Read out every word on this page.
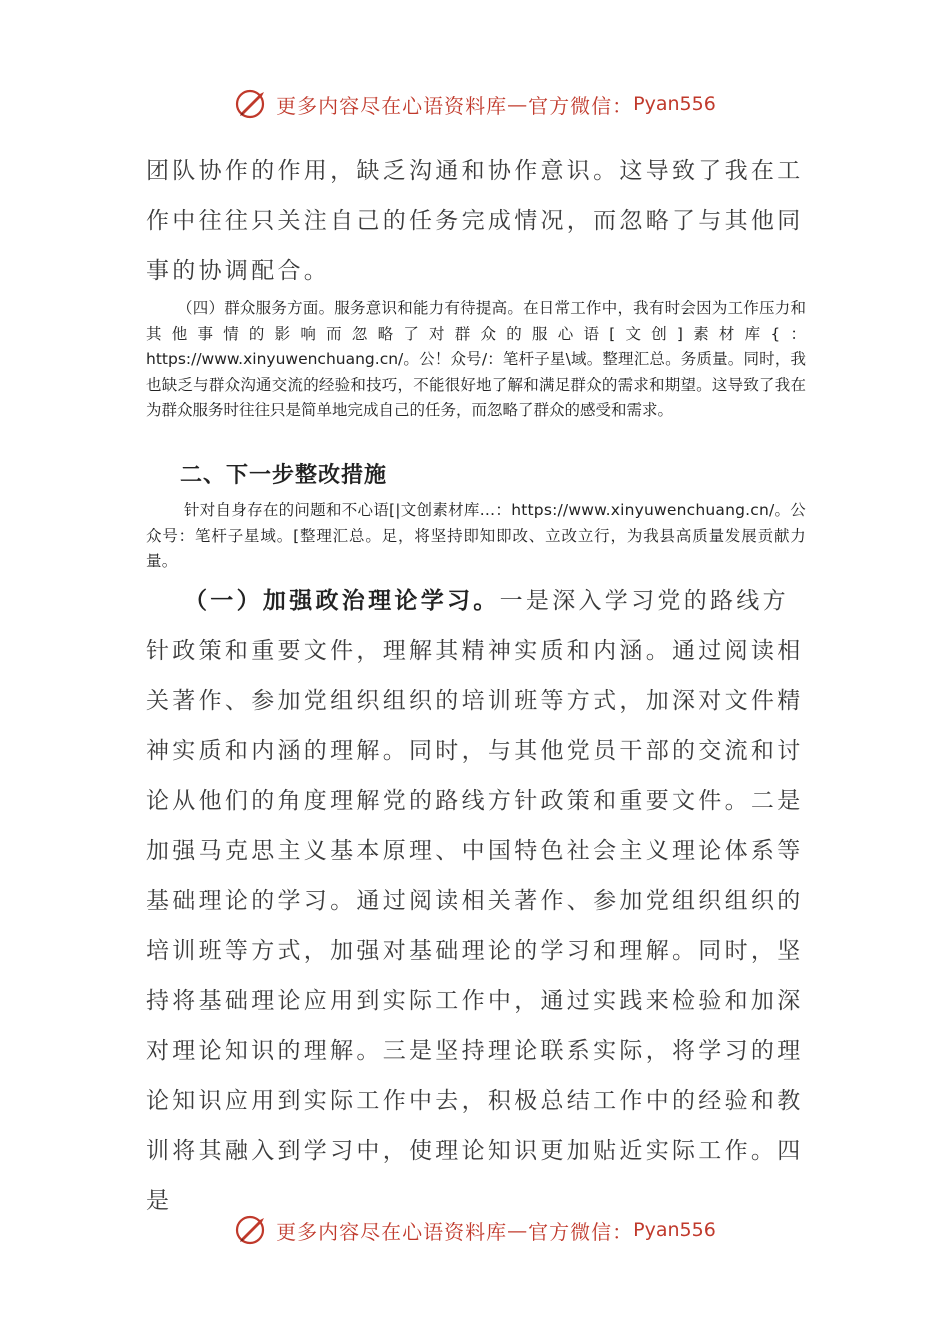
更多内容尽在心语资料库 — 官方微信： Pyan556

团队协作的作用，缺乏沟通和协作意识。这导致了我在工作中往往只关注自己的任务完成情况，而忽略了与其他同事的协调配合。

（四）群众服务方面。服务意识和能力有待提高。在日常工作中，我有时会因为工作压力和其他事情的影响而忽略了对群众的服心语[文创]素材库{：https://www.xinyuwenchuang.cn/。公！众号/：笔杆子星\域。整理汇总。务质量。同时，我也缺乏与群众沟通交流的经验和技巧，不能很好地了解和满足群众的需求和期望。这导致了我在为群众服务时往往只是简单地完成自己的任务，而忽略了群众的感受和需求。

二、下一步整改措施

针对自身存在的问题和不心语[|文创素材库…：https://www.xinyuwenchuang.cn/。公众号：笔杆子星域。[整理汇总。足，将坚持即知即改、立改立行，为我县高质量发展贡献力量。

（一）加强政治理论学习。一是深入学习党的路线方针政策和重要文件，理解其精神实质和内涵。通过阅读相关著作、参加党组织组织的培训班等方式，加深对文件精神实质和内涵的理解。同时，与其他党员干部的交流和讨论从他们的角度理解党的路线方针政策和重要文件。二是加强马克思主义基本原理、中国特色社会主义理论体系等基础理论的学习。通过阅读相关著作、参加党组织组织的培训班等方式，加强对基础理论的学习和理解。同时，坚持将基础理论应用到实际工作中，通过实践来检验和加深对理论知识的理解。三是坚持理论联系实际，将学习的理论知识应用到实际工作中去，积极总结工作中的经验和教训将其融入到学习中，使理论知识更加贴近实际工作。四是

更多内容尽在心语资料库 — 官方微信： Pyan556
